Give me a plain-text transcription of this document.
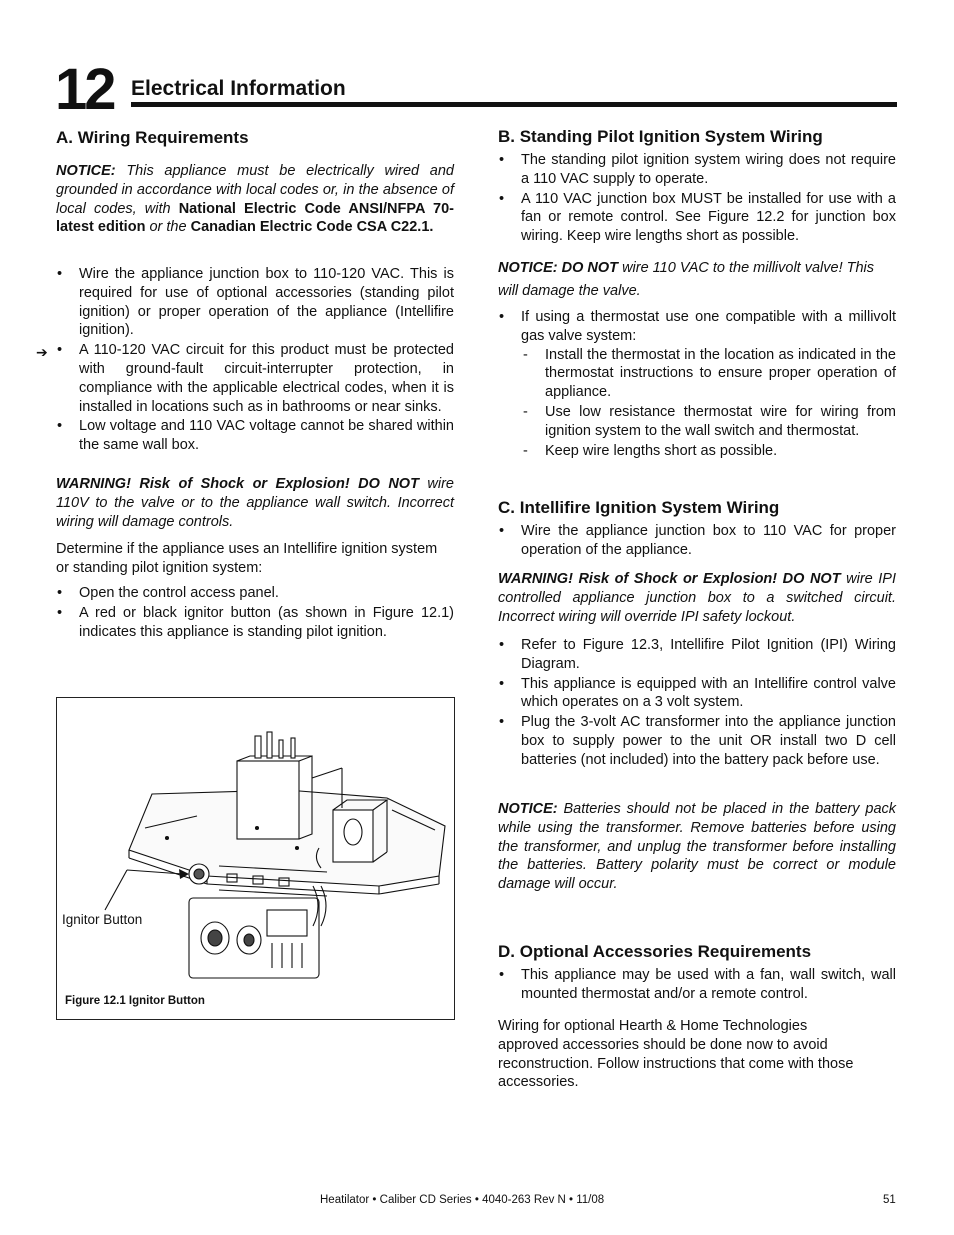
12 Electrical Information
A. Wiring Requirements
NOTICE: This appliance must be electrically wired and grounded in accordance with local codes or, in the absence of local codes, with National Electric Code ANSI/NFPA 70-latest edition or the Canadian Electric Code CSA C22.1.
➔
• Wire the appliance junction box to 110-120 VAC. This is required for use of optional accessories (standing pilot ignition) or proper operation of the appliance (Intellifire ignition).
• A 110-120 VAC circuit for this product must be protected with ground-fault circuit-interrupter protection, in compliance with the applicable electrical codes, when it is installed in locations such as in bathrooms or near sinks.
• Low voltage and 110 VAC voltage cannot be shared within the same wall box.
WARNING! Risk of Shock or Explosion! DO NOT wire 110V to the valve or to the appliance wall switch. Incorrect wiring will damage controls.
Determine if the appliance uses an Intellifire ignition system or standing pilot ignition system:
• Open the control access panel.
• A red or black ignitor button (as shown in Figure 12.1) indicates this appliance is standing pilot ignition.
Ignitor Button
Figure 12.1 Ignitor Button
B. Standing Pilot Ignition System Wiring
• The standing pilot ignition system wiring does not require a 110 VAC supply to operate.
• A 110 VAC junction box MUST be installed for use with a fan or remote control. See Figure 12.2 for junction box wiring. Keep wire lengths short as possible.
NOTICE: DO NOT wire 110 VAC to the millivolt valve! This will damage the valve.
• If using a thermostat use one compatible with a millivolt gas valve system:
- Install the thermostat in the location as indicated in the thermostat instructions to ensure proper operation of appliance.
- Use low resistance thermostat wire for wiring from ignition system to the wall switch and thermostat.
- Keep wire lengths short as possible.
C. Intellifire Ignition System Wiring
• Wire the appliance junction box to 110 VAC for proper operation of the appliance.
WARNING! Risk of Shock or Explosion! DO NOT wire IPI controlled appliance junction box to a switched circuit. Incorrect wiring will override IPI safety lockout.
• Refer to Figure 12.3, Intellifire Pilot Ignition (IPI) Wiring Diagram.
• This appliance is equipped with an Intellifire control valve which operates on a 3 volt system.
• Plug the 3-volt AC transformer into the appliance junction box to supply power to the unit OR install two D cell batteries (not included) into the battery pack before use.
NOTICE: Batteries should not be placed in the battery pack while using the transformer. Remove batteries before using the transformer, and unplug the transformer before installing the batteries. Battery polarity must be correct or module damage will occur.
D. Optional Accessories Requirements
• This appliance may be used with a fan, wall switch, wall mounted thermostat and/or a remote control.
Wiring for optional Hearth & Home Technologies approved accessories should be done now to avoid reconstruction. Follow instructions that come with those accessories.
Heatilator • Caliber CD Series • 4040-263 Rev N • 11/08	51
